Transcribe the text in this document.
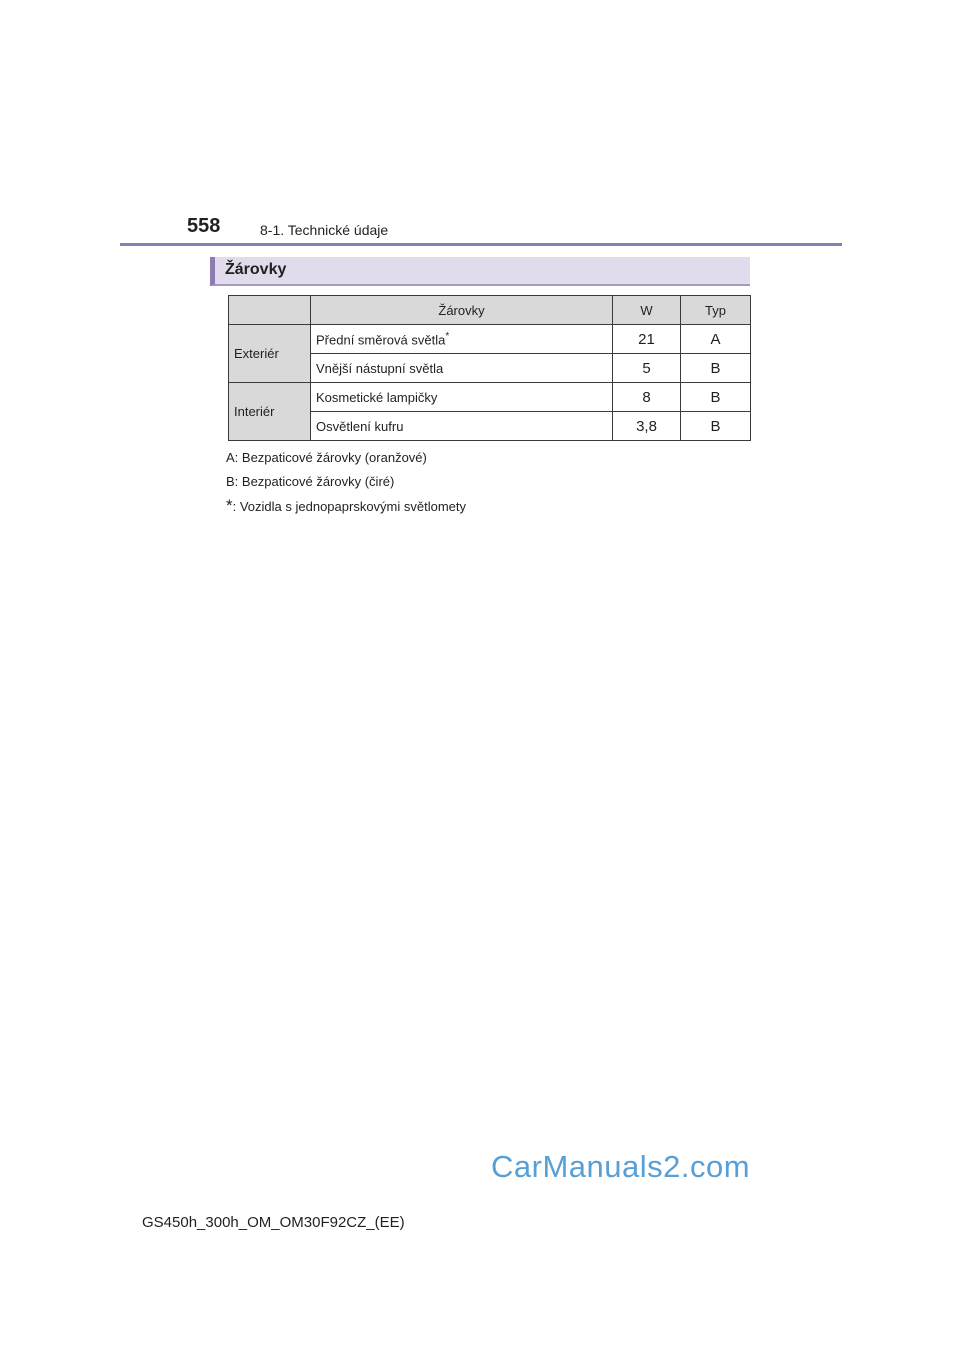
558	8-1. Technické údaje
Žárovky
	Žárovky	W	Typ
Exteriér	Přední směrová světla*	21	A
	Vnější nástupní světla	5	B
Interiér	Kosmetické lampičky	8	B
	Osvětlení kufru	3,8	B
A: Bezpaticové žárovky (oranžové)
B: Bezpaticové žárovky (čiré)
*: Vozidla s jednopaprskovými světlomety
CarManuals2.com
GS450h_300h_OM_OM30F92CZ_(EE)
